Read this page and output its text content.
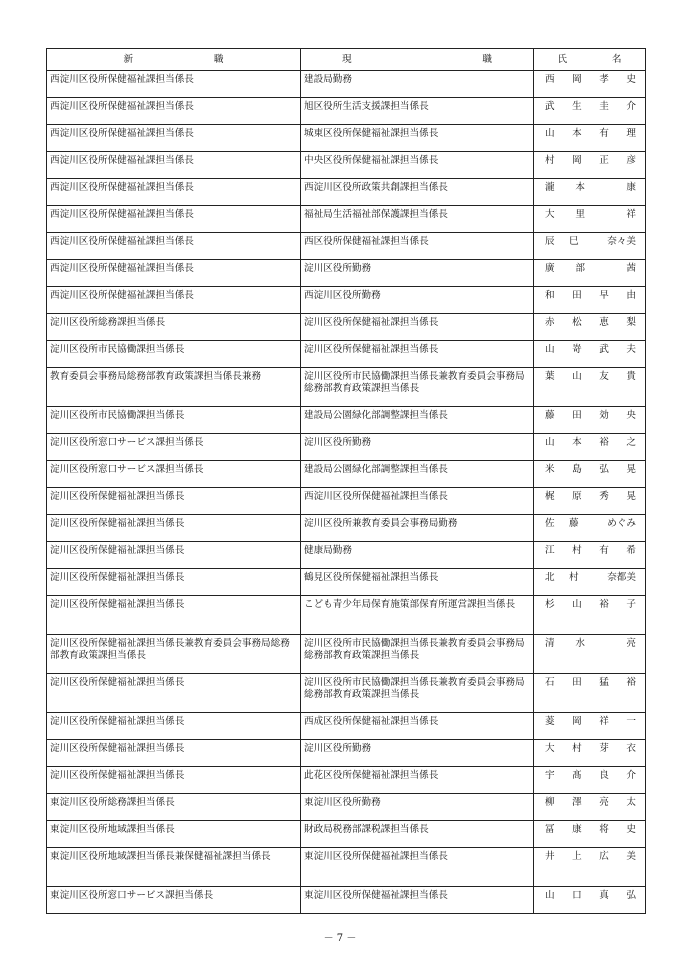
新 職	現 職	氏 名

西淀川区役所保健福祉課担当係長	建設局勤務	西 岡 孝 史

西淀川区役所保健福祉課担当係長	旭区役所生活支援課担当係長	武 生 圭 介

西淀川区役所保健福祉課担当係長	城東区役所保健福祉課担当係長	山 本 有 理

西淀川区役所保健福祉課担当係長	中央区役所保健福祉課担当係長	村 岡 正 彦

西淀川区役所保健福祉課担当係長	西淀川区役所政策共創課担当係長	瀧 本 康

西淀川区役所保健福祉課担当係長	福祉局生活福祉部保護課担当係長	大 里 祥

西淀川区役所保健福祉課担当係長	西区役所保健福祉課担当係長	辰 巳 奈々美

西淀川区役所保健福祉課担当係長	淀川区役所勤務	廣 部 茜

西淀川区役所保健福祉課担当係長	西淀川区役所勤務	和 田 早 由

淀川区役所総務課担当係長	淀川区役所保健福祉課担当係長	赤 松 恵 梨

淀川区役所市民協働課担当係長	淀川区役所保健福祉課担当係長	山 嵜 武 夫

教育委員会事務局総務部教育政策課担当係長兼務	淀川区役所市民協働課担当係長兼教育委員会事務局総務部教育政策課担当係長	葉 山 友 貴

淀川区役所市民協働課担当係長	建設局公園緑化部調整課担当係長	藤 田 効 央

淀川区役所窓口サービス課担当係長	淀川区役所勤務	山 本 裕 之

淀川区役所窓口サービス課担当係長	建設局公園緑化部調整課担当係長	米 島 弘 晃

淀川区役所保健福祉課担当係長	西淀川区役所保健福祉課担当係長	梶 原 秀 晃

淀川区役所保健福祉課担当係長	淀川区役所兼教育委員会事務局勤務	佐 藤 めぐみ

淀川区役所保健福祉課担当係長	健康局勤務	江 村 有 希

淀川区役所保健福祉課担当係長	鶴見区役所保健福祉課担当係長	北 村 奈都美

淀川区役所保健福祉課担当係長	こども青少年局保育施策部保育所運営課担当係長	杉 山 裕 子

淀川区役所保健福祉課担当係長兼教育委員会事務局総務部教育政策課担当係長	淀川区役所市民協働課担当係長兼教育委員会事務局総務部教育政策課担当係長	清 水 亮

淀川区役所保健福祉課担当係長	淀川区役所市民協働課担当係長兼教育委員会事務局総務部教育政策課担当係長	石 田 猛 裕

淀川区役所保健福祉課担当係長	西成区役所保健福祉課担当係長	菱 岡 祥 一

淀川区役所保健福祉課担当係長	淀川区役所勤務	大 村 芽 衣

淀川区役所保健福祉課担当係長	此花区役所保健福祉課担当係長	宇 髙 良 介

東淀川区役所総務課担当係長	東淀川区役所勤務	柳 澤 亮 太

東淀川区役所地域課担当係長	財政局税務部課税課担当係長	冨 康 将 史

東淀川区役所地域課担当係長兼保健福祉課担当係長	東淀川区役所保健福祉課担当係長	井 上 広 美

東淀川区役所窓口サービス課担当係長	東淀川区役所保健福祉課担当係長	山 口 真 弘
－ 7 －
